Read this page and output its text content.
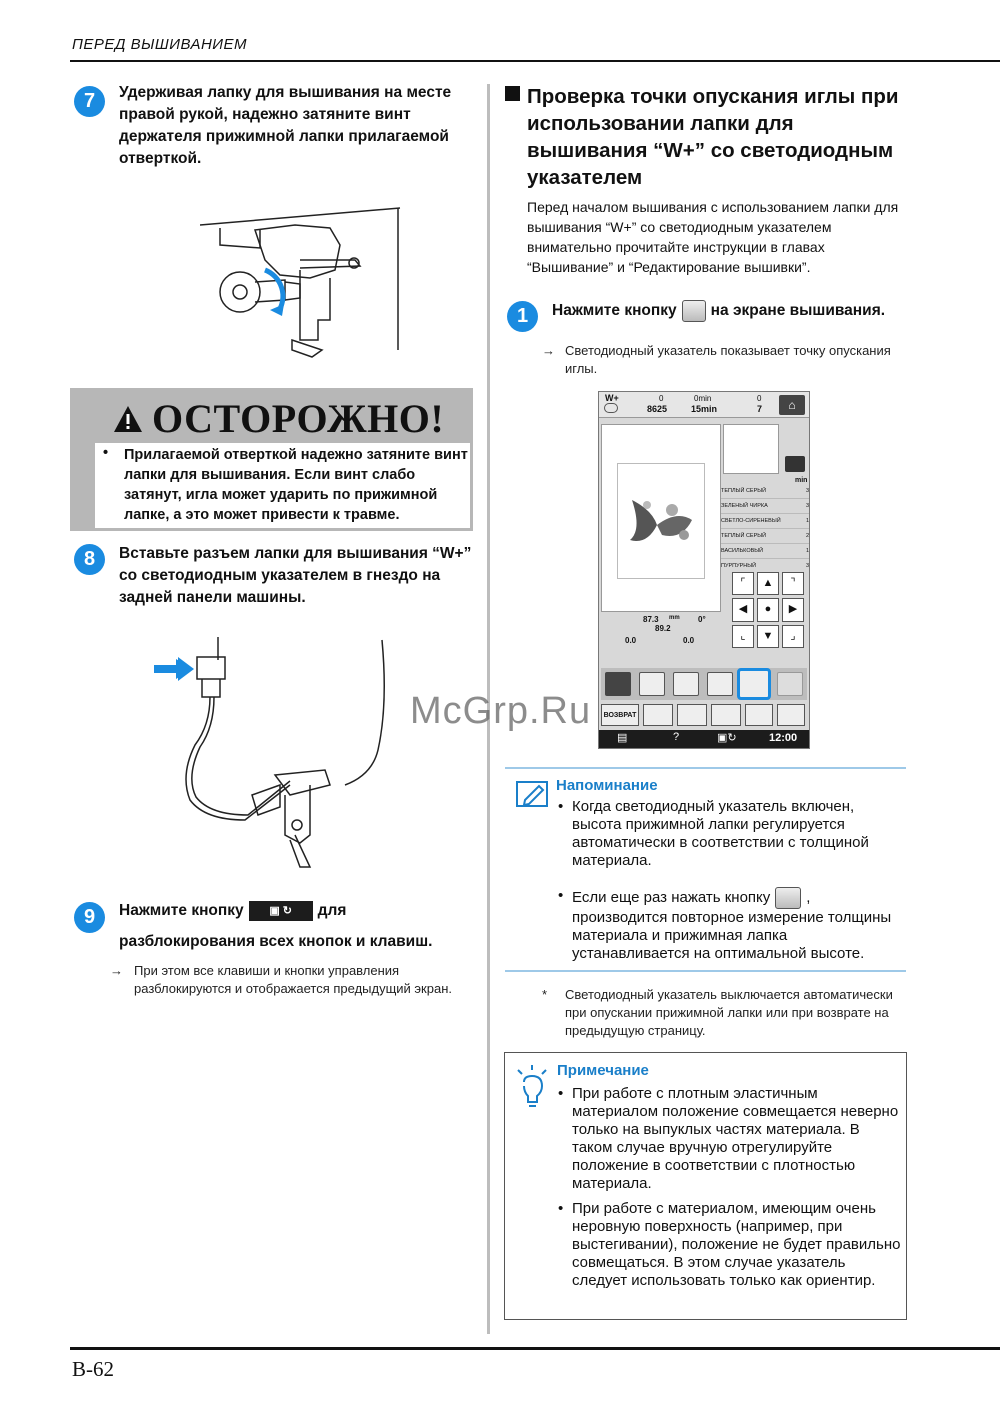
ПЕРЕД ВЫШИВАНИЕМ
7	Удерживая лапку для вышивания на месте правой рукой, надежно затяните винт держателя прижимной лапки прилагаемой отверткой.
ОСТОРОЖНО!
• Прилагаемой отверткой надежно затяните винт лапки для вышивания. Если винт слабо затянут, игла может ударить по прижимной лапке, а это может привести к травме.
8	Вставьте разъем лапки для вышивания “W+” со светодиодным указателем в гнездо на задней панели машины.
9	Нажмите кнопку ▣ ↻ для
разблокирования всех кнопок и клавиш.
→ При этом все клавиши и кнопки управления разблокируются и отображается предыдущий экран.
Проверка точки опускания иглы при использовании лапки для вышивания “W+” со светодиодным указателем
Перед началом вышивания с использованием лапки для вышивания “W+” со светодиодным указателем внимательно прочитайте инструкции в главах “Вышивание” и “Редактирование вышивки”.
1	Нажмите кнопку на экране вышивания.
→ Светодиодный указатель показывает точку опускания иглы.
W+	0
8625
0min
15min
0
7	⌂
min
ТЕПЛЫЙ СЕРЫЙ	3
ЗЕЛЕНЫЙ ЧИРКА	3
СВЕТЛО-СИРЕНЕВЫЙ	1
ТЕПЛЫЙ СЕРЫЙ	2
ВАСИЛЬКОВЫЙ	1
ПУРПУРНЫЙ	3
⌜	▲	⌝
◀	●	▶
⌞	▼	⌟
87.3 mm 0°
89.2
0.0	0.0
ВОЗВРАТ
▤	?	▣↻	12:00
McGrp.Ru
Напоминание
• Когда светодиодный указатель включен, высота прижимной лапки регулируется автоматически в соответствии с толщиной материала.
• Если еще раз нажать кнопку , производится повторное измерение толщины материала и прижимная лапка устанавливается на оптимальной высоте.
* Светодиодный указатель выключается автоматически при опускании прижимной лапки или при возврате на предыдущую страницу.
Примечание
• При работе с плотным эластичным материалом положение совмещается неверно только на выпуклых частях материала. В таком случае вручную отрегулируйте положение в соответствии с плотностью материала.
• При работе с материалом, имеющим очень неровную поверхность (например, при выстегивании), положение не будет правильно совмещаться. В этом случае указатель следует использовать только как ориентир.
B-62
